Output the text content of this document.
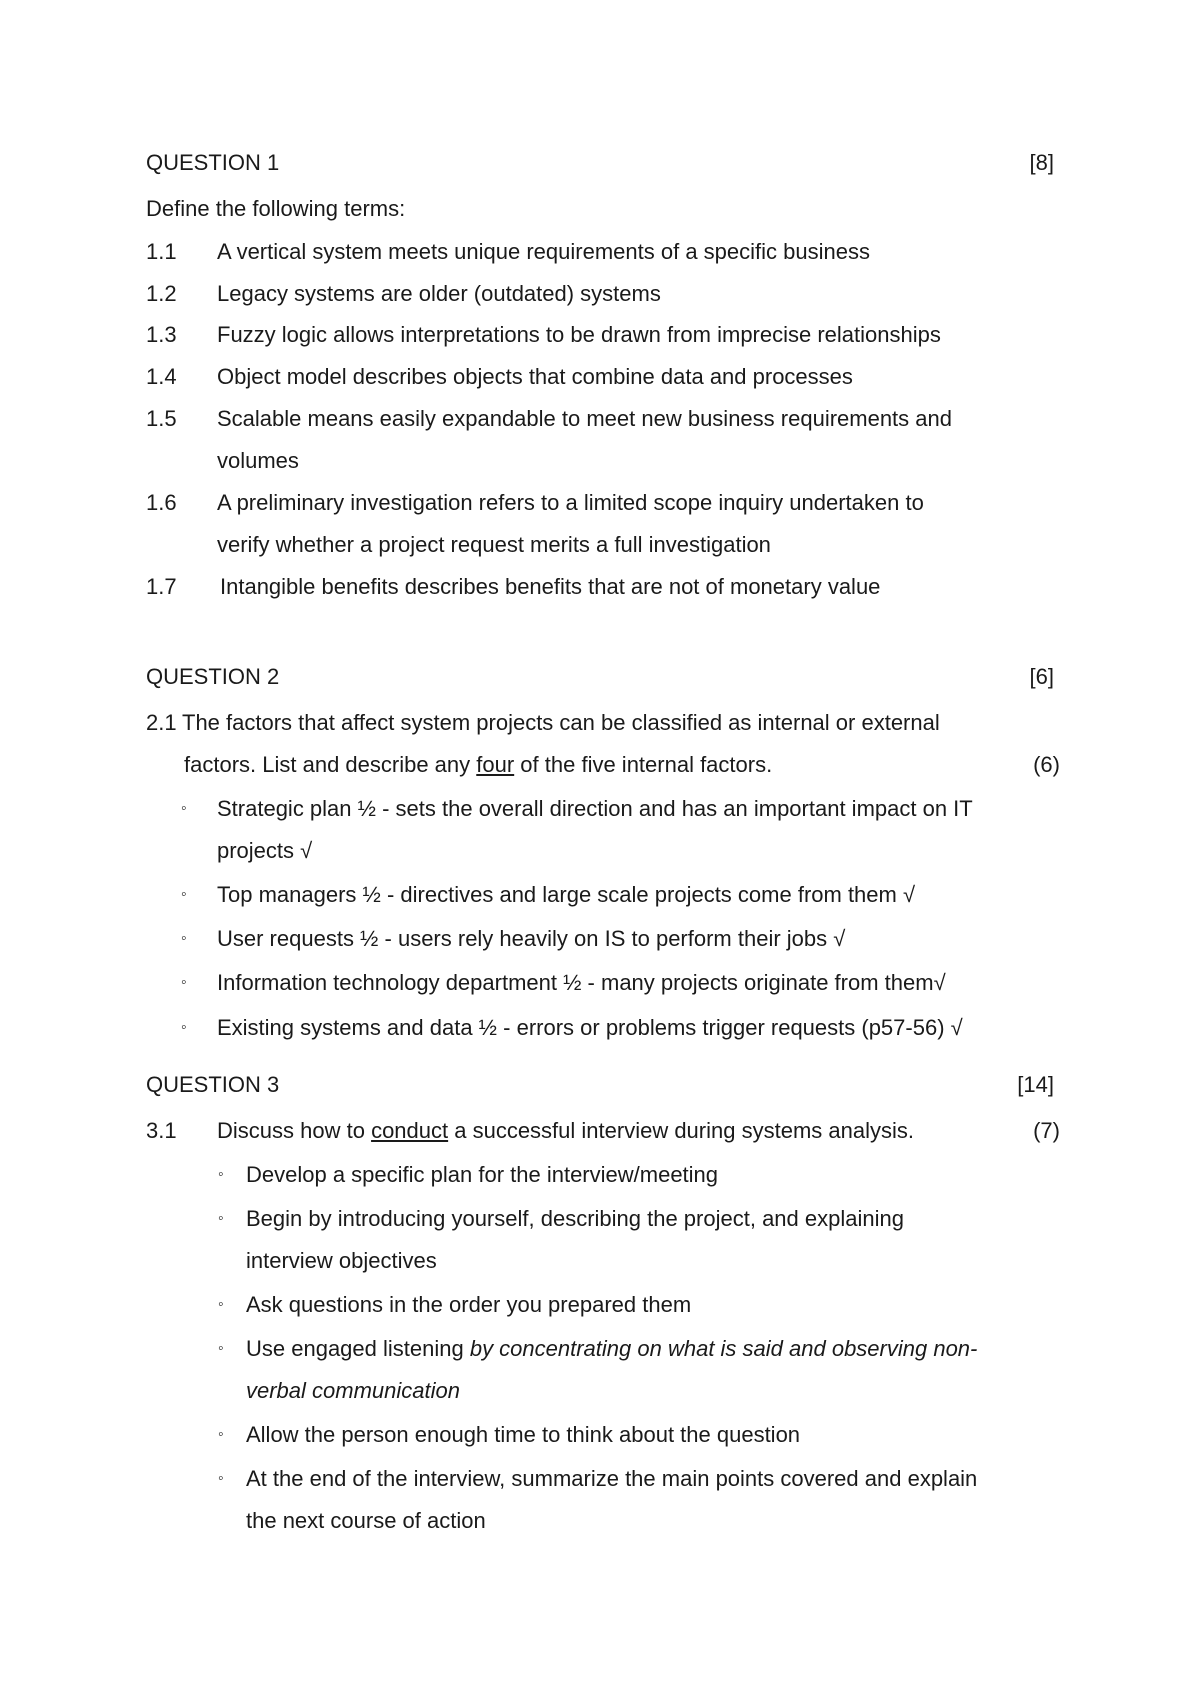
QUESTION 1	[8]
Define the following terms:
1.1 A vertical system meets unique requirements of a specific business
1.2 Legacy systems are older (outdated) systems
1.3 Fuzzy logic allows interpretations to be drawn from imprecise relationships
1.4 Object model describes objects that combine data and processes
1.5 Scalable means easily expandable to meet new business requirements and
volumes
1.6 A preliminary investigation refers to a limited scope inquiry undertaken to
verify whether a project request merits a full investigation
1.7 Intangible benefits describes benefits that are not of monetary value
QUESTION 2	[6]
2.1 The factors that affect system projects can be classified as internal or external
factors. List and describe any four of the five internal factors.	(6)
◦ Strategic plan ½ - sets the overall direction and has an important impact on IT
projects √
◦ Top managers ½ - directives and large scale projects come from them √
◦ User requests ½ - users rely heavily on IS to perform their jobs √
◦ Information technology department ½ - many projects originate from them√
◦ Existing systems and data ½ - errors or problems trigger requests (p57-56) √
QUESTION 3	[14]
3.1 Discuss how to conduct a successful interview during systems analysis.	(7)
◦ Develop a specific plan for the interview/meeting
◦ Begin by introducing yourself, describing the project, and explaining
interview objectives
◦ Ask questions in the order you prepared them
◦ Use engaged listening by concentrating on what is said and observing non-
verbal communication
◦ Allow the person enough time to think about the question
◦ At the end of the interview, summarize the main points covered and explain
the next course of action
